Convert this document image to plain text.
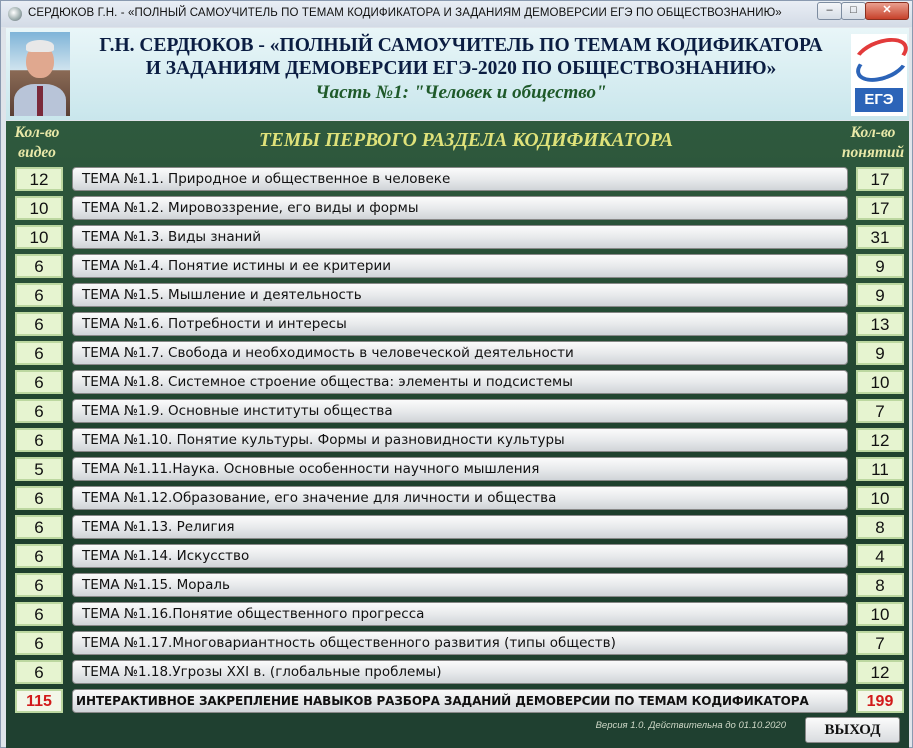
СЕРДЮКОВ Г.Н. - «ПОЛНЫЙ САМОУЧИТЕЛЬ ПО ТЕМАМ КОДИФИКАТОРА И ЗАДАНИЯМ ДЕМОВЕРСИИ ЕГЭ ПО ОБЩЕСТВОЗНАНИЮ»	–	□	✕
Г.Н. СЕРДЮКОВ - «ПОЛНЫЙ САМОУЧИТЕЛЬ ПО ТЕМАМ КОДИФИКАТОРА
И ЗАДАНИЯМ ДЕМОВЕРСИИ ЕГЭ-2020 ПО ОБЩЕСТВОЗНАНИЮ»
Часть №1: "Человек и общество"	ЕГЭ
Кол-во видео
Кол-во понятий
ТЕМЫ ПЕРВОГО РАЗДЕЛА КОДИФИКАТОРА
12	ТЕМА №1.1. Природное и общественное в человеке	17
10	ТЕМА №1.2. Мировоззрение, его виды и формы	17
10	ТЕМА №1.3. Виды знаний	31
6	ТЕМА №1.4. Понятие истины и ее критерии	9
6	ТЕМА №1.5. Мышление и деятельность	9
6	ТЕМА №1.6. Потребности и интересы	13
6	ТЕМА №1.7. Свобода и необходимость в человеческой деятельности	9
6	ТЕМА №1.8. Системное строение общества: элементы и подсистемы	10
6	ТЕМА №1.9. Основные институты общества	7
6	ТЕМА №1.10. Понятие культуры. Формы и разновидности культуры	12
5	ТЕМА №1.11.Наука. Основные особенности научного мышления	11
6	ТЕМА №1.12.Образование, его значение для личности и общества	10
6	ТЕМА №1.13. Религия	8
6	ТЕМА №1.14. Искусство	4
6	ТЕМА №1.15. Мораль	8
6	ТЕМА №1.16.Понятие общественного прогресса	10
6	ТЕМА №1.17.Многовариантность общественного развития (типы обществ)	7
6	ТЕМА №1.18.Угрозы XXI в. (глобальные проблемы)	12
115	ИНТЕРАКТИВНОЕ ЗАКРЕПЛЕНИЕ НАВЫКОВ РАЗБОРА ЗАДАНИЙ ДЕМОВЕРСИИ ПО ТЕМАМ КОДИФИКАТОРА	199
Версия 1.0. Действительна до 01.10.2020	ВЫХОД
